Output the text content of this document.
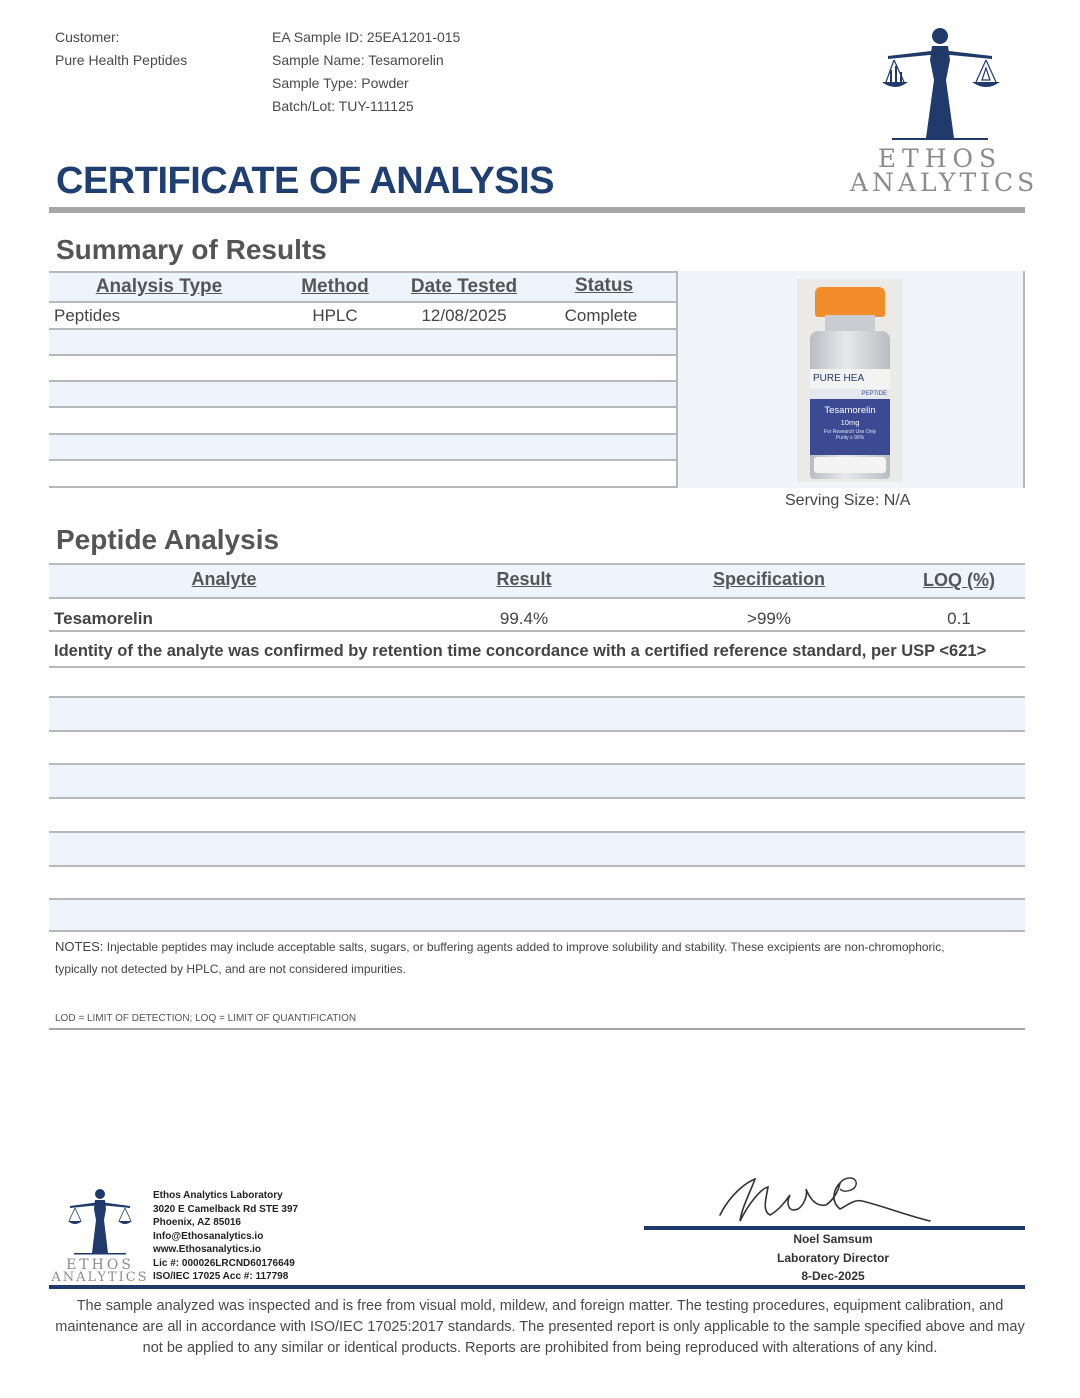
Customer:
Pure Health Peptides
EA Sample ID: 25EA1201-015
Sample Name: Tesamorelin
Sample Type: Powder
Batch/Lot: TUY-111125
ETHOS
ANALYTICS
CERTIFICATE OF ANALYSIS
Summary of Results
Analysis Type	Method	Date Tested	Status
Peptides	HPLC	12/08/2025	Complete
PURE HEA
PEPTIDE
Tesamorelin
10mg
For Research Use Only
Purity ≥ 99%
Serving Size: N/A
Peptide Analysis
Analyte	Result	Specification	LOQ (%)
Tesamorelin	99.4%	>99%	0.1
Identity of the analyte was confirmed by retention time concordance with a certified reference standard, per USP <621>
NOTES: Injectable peptides may include acceptable salts, sugars, or buffering agents added to improve solubility and stability. These excipients are non-chromophoric,
typically not detected by HPLC, and are not considered impurities.
LOD = LIMIT OF DETECTION; LOQ = LIMIT OF QUANTIFICATION
ETHOS
ANALYTICS
Ethos Analytics Laboratory
3020 E Camelback Rd STE 397
Phoenix, AZ 85016
Info@Ethosanalytics.io
www.Ethosanalytics.io
Lic #: 000026LRCND60176649
ISO/IEC 17025 Acc #: 117798
Noel Samsum
Laboratory Director
8-Dec-2025
The sample analyzed was inspected and is free from visual mold, mildew, and foreign matter. The testing procedures, equipment calibration, and
maintenance are all in accordance with ISO/IEC 17025:2017 standards. The presented report is only applicable to the sample specified above and may
not be applied to any similar or identical products. Reports are prohibited from being reproduced with alterations of any kind.
